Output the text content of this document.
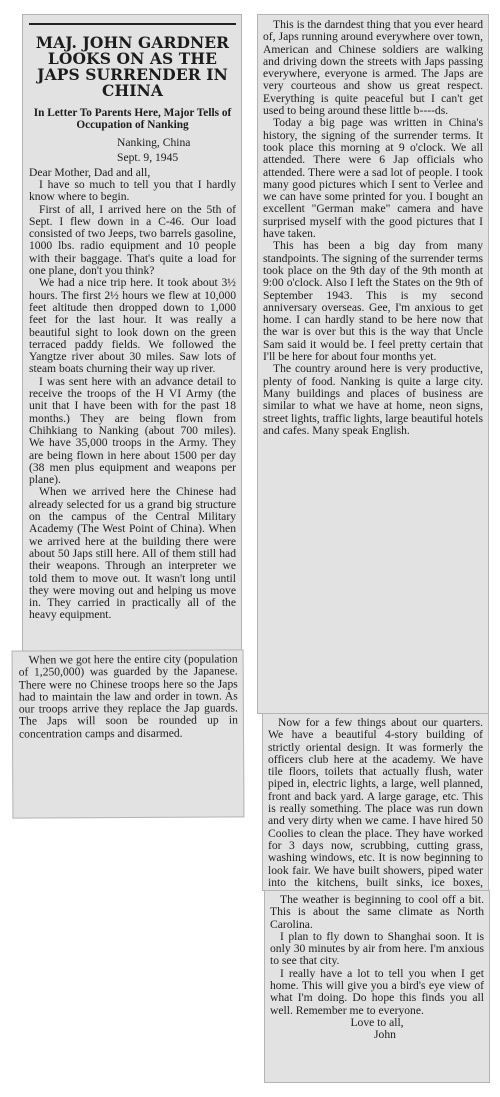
MAJ. JOHN GARDNER LOOKS ON AS THE JAPS SURRENDER IN CHINA
In Letter To Parents Here, Major Tells of Occupation of Nanking
Nanking, China
Sept. 9, 1945
Dear Mother, Dad and all,

I have so much to tell you that I hardly know where to begin.

First of all, I arrived here on the 5th of Sept. I flew down in a C-46. Our load consisted of two Jeeps, two barrels gasoline, 1000 lbs. radio equipment and 10 people with their baggage. That's quite a load for one plane, don't you think?

We had a nice trip here. It took about 3½ hours. The first 2½ hours we flew at 10,000 feet altitude then dropped down to 1,000 feet for the last hour. It was really a beautiful sight to look down on the green terraced paddy fields. We followed the Yangtze river about 30 miles. Saw lots of steam boats churning their way up river.

I was sent here with an advance detail to receive the troops of the H VI Army (the unit that I have been with for the past 18 months.) They are being flown from Chihkiang to Nanking (about 700 miles). We have 35,000 troops in the Army. They are being flown in here about 1500 per day (38 men plus equipment and weapons per plane).

When we arrived here the Chinese had already selected for us a grand big structure on the campus of the Central Military Academy (The West Point of China). When we arrived here at the building there were about 50 Japs still here. All of them still had their weapons. Through an interpreter we told them to move out. It wasn't long until they were moving out and helping us move in. They carried in practically all of the heavy equipment.

When we got here the entire city (population of 1,250,000) was guarded by the Japanese. There were no Chinese troops here so the Japs had to maintain the law and order in town. As our troops arrive they replace the Jap guards. The Japs will soon be rounded up in concentration camps and disarmed.

This is the darndest thing that you ever heard of, Japs running around everywhere over town, American and Chinese soldiers are walking and driving down the streets with Japs passing everywhere, everyone is armed. The Japs are very courteous and show us great respect. Everything is quite peaceful but I can't get used to being around these little b----ds.

Today a big page was written in China's history, the signing of the surrender terms. It took place this morning at 9 o'clock. We all attended. There were 6 Jap officials who attended. There were a sad lot of people. I took many good pictures which I sent to Verlee and we can have some printed for you. I bought an excellent "German make" camera and have surprised myself with the good pictures that I have taken.

This has been a big day from many standpoints. The signing of the surrender terms took place on the 9th day of the 9th month at 9:00 o'clock. Also I left the States on the 9th of September 1943. This is my second anniversary overseas. Gee, I'm anxious to get home. I can hardly stand to be here now that the war is over but this is the way that Uncle Sam said it would be. I feel pretty certain that I'll be here for about four months yet.

The country around here is very productive, plenty of food. Nanking is quite a large city. Many buildings and places of business are similar to what we have at home, neon signs, street lights, traffic lights, large beautiful hotels and cafes. Many speak English.

Now for a few things about our quarters. We have a beautiful 4-story building of strictly oriental design. It was formerly the officers club here at the academy. We have tile floors, toilets that actually flush, water piped in, electric lights, a large, well planned, front and back yard. A large garage, etc. This is really something. The place was run down and very dirty when we came. I have hired 50 Coolies to clean the place. They have worked for 3 days now, scrubbing, cutting grass, washing windows, etc. It is now beginning to look fair. We have built showers, piped water into the kitchens, built sinks, ice boxes,

The weather is beginning to cool off a bit. This is about the same climate as North Carolina.

I plan to fly down to Shanghai soon. It is only 30 minutes by air from here. I'm anxious to see that city.

I really have a lot to tell you when I get home. This will give you a bird's eye view of what I'm doing. Do hope this finds you all well. Remember me to everyone.

Love to all,
John
